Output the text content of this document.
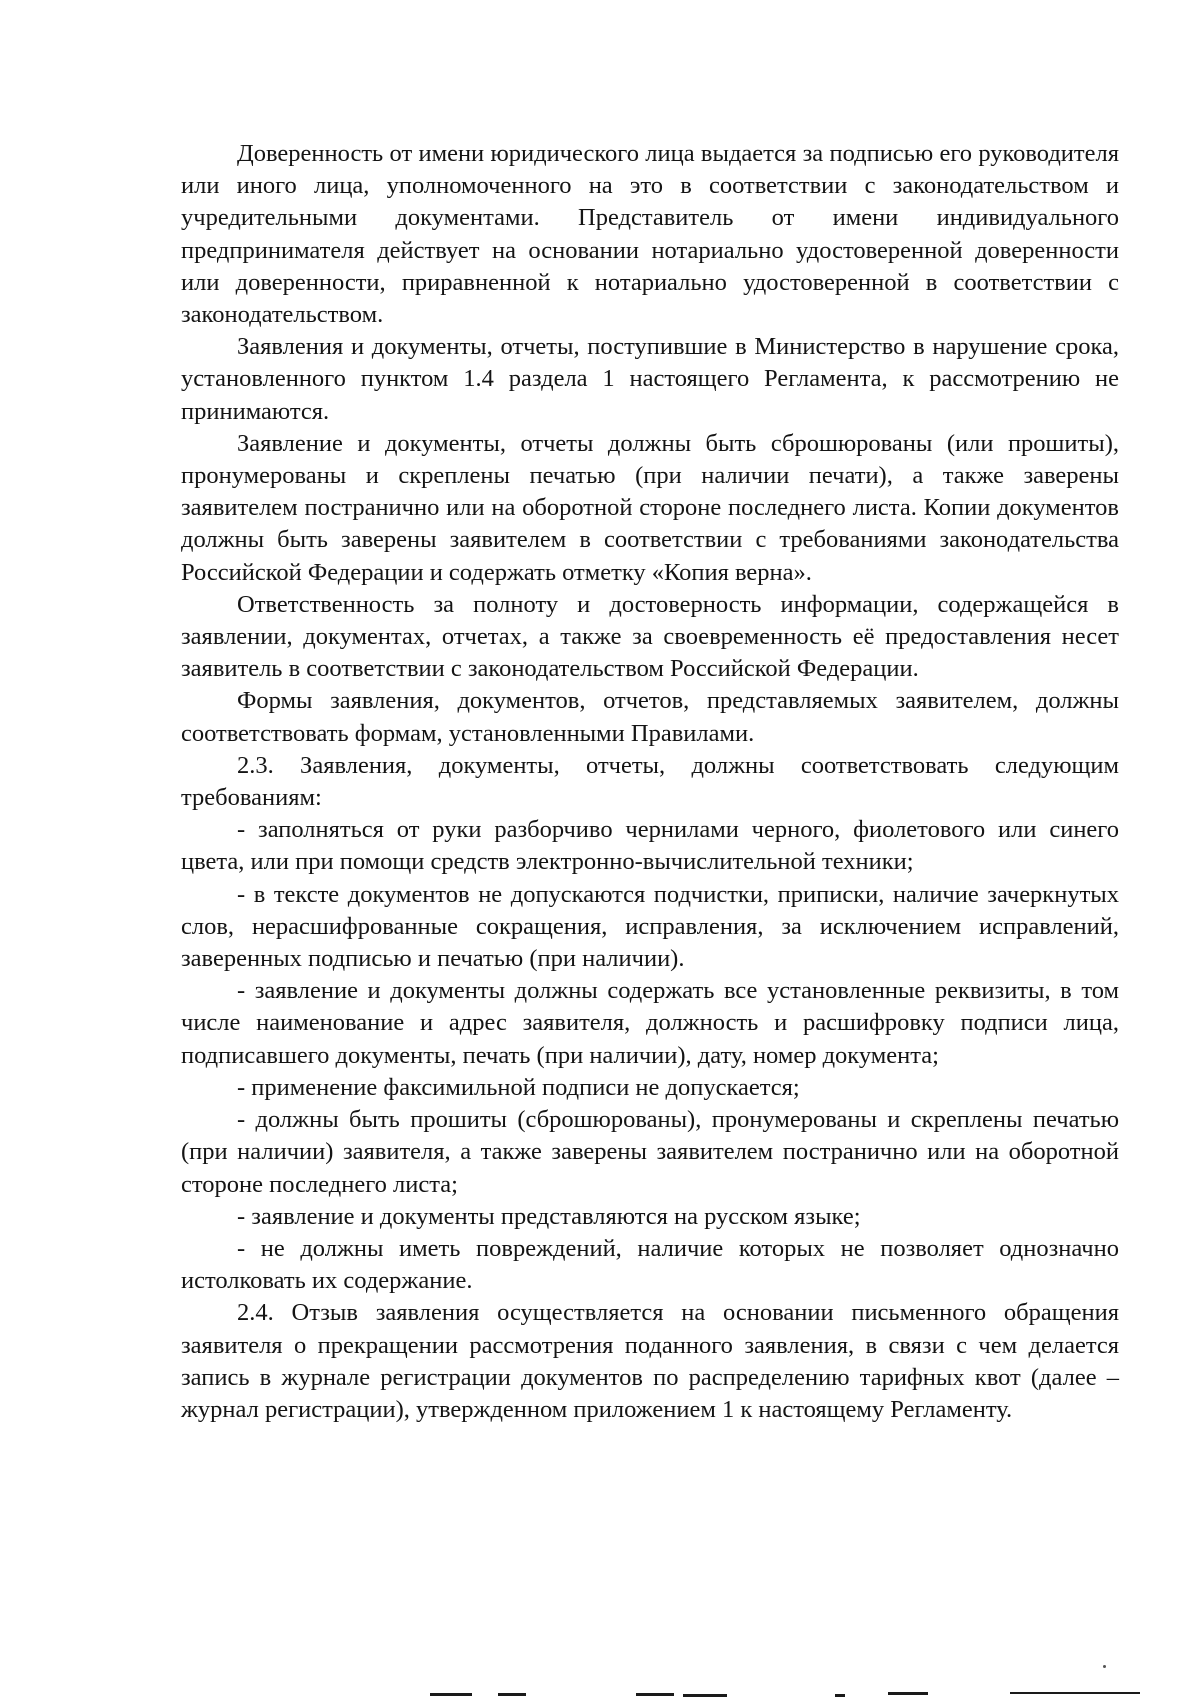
Доверенность от имени юридического лица выдается за подписью его руководителя или иного лица, уполномоченного на это в соответствии с законодательством и учредительными документами. Представитель от имени индивидуального предпринимателя действует на основании нотариально удостоверенной доверенности или доверенности, приравненной к нотариально удостоверенной в соответствии с законодательством.

Заявления и документы, отчеты, поступившие в Министерство в нарушение срока, установленного пунктом 1.4 раздела 1 настоящего Регламента, к рассмотрению не принимаются.

Заявление и документы, отчеты должны быть сброшюрованы (или прошиты), пронумерованы и скреплены печатью (при наличии печати), а также заверены заявителем постранично или на оборотной стороне последнего листа. Копии документов должны быть заверены заявителем в соответствии с требованиями законодательства Российской Федерации и содержать отметку «Копия верна».

Ответственность за полноту и достоверность информации, содержащейся в заявлении, документах, отчетах, а также за своевременность её предоставления несет заявитель в соответствии с законодательством Российской Федерации.

Формы заявления, документов, отчетов, представляемых заявителем, должны соответствовать формам, установленными Правилами.

2.3. Заявления, документы, отчеты, должны соответствовать следующим требованиям:

- заполняться от руки разборчиво чернилами черного, фиолетового или синего цвета, или при помощи средств электронно-вычислительной техники;

- в тексте документов не допускаются подчистки, приписки, наличие зачеркнутых слов, нерасшифрованные сокращения, исправления, за исключением исправлений, заверенных подписью и печатью (при наличии).

- заявление и документы должны содержать все установленные реквизиты, в том числе наименование и адрес заявителя, должность и расшифровку подписи лица, подписавшего документы, печать (при наличии), дату, номер документа;

- применение факсимильной подписи не допускается;

- должны быть прошиты (сброшюрованы), пронумерованы и скреплены печатью (при наличии) заявителя, а также заверены заявителем постранично или на оборотной стороне последнего листа;

- заявление и документы представляются на русском языке;

- не должны иметь повреждений, наличие которых не позволяет однозначно истолковать их содержание.

2.4. Отзыв заявления осуществляется на основании письменного обращения заявителя о прекращении рассмотрения поданного заявления, в связи с чем делается запись в журнале регистрации документов по распределению тарифных квот (далее – журнал регистрации), утвержденном приложением 1 к настоящему Регламенту.
